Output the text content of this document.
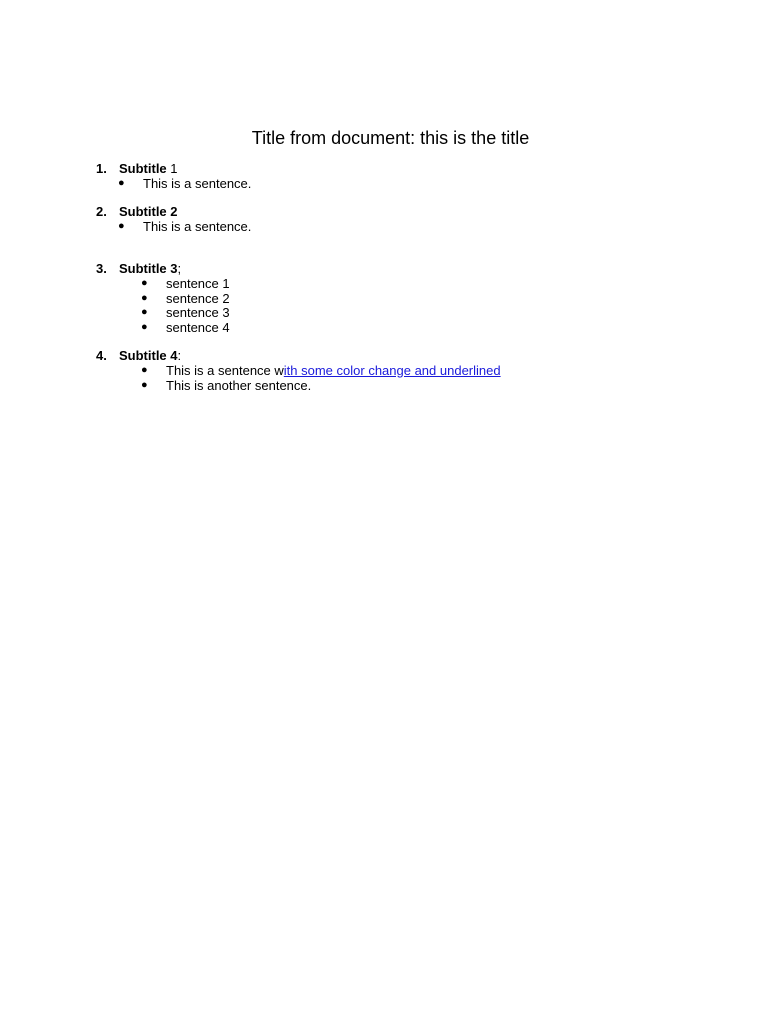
Title from document: this is the title
1. Subtitle 1
● This is a sentence.
2. Subtitle 2
● This is a sentence.
3. Subtitle 3;
● sentence 1
● sentence 2
● sentence 3
● sentence 4
4. Subtitle 4:
● This is a sentence with some color change and underlined
● This is another sentence.
